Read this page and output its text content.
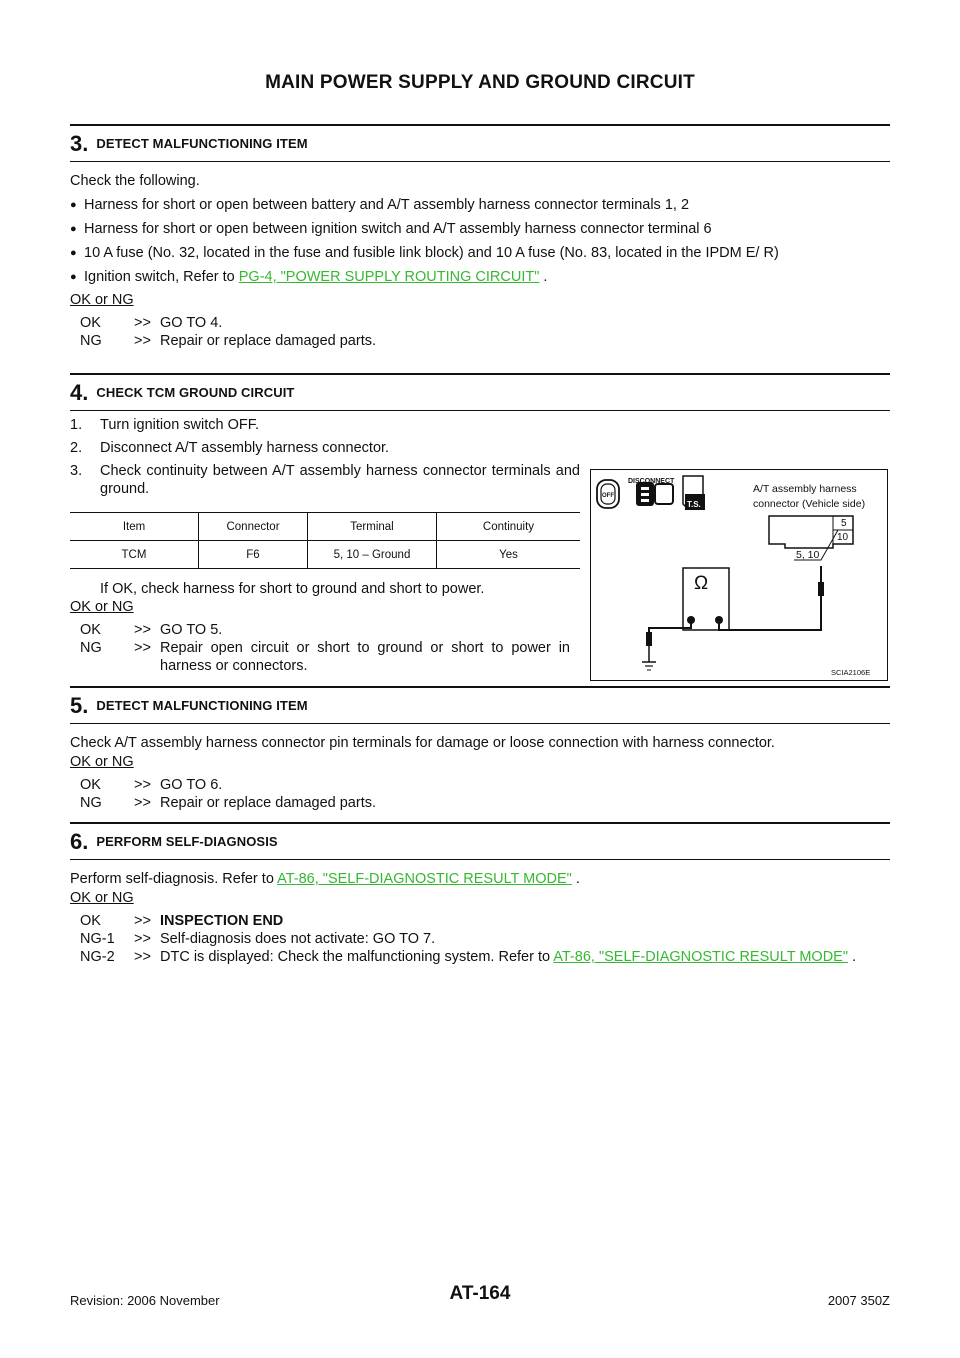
MAIN POWER SUPPLY AND GROUND CIRCUIT
3. DETECT MALFUNCTIONING ITEM
Check the following.
● Harness for short or open between battery and A/T assembly harness connector terminals 1, 2
● Harness for short or open between ignition switch and A/T assembly harness connector terminal 6
● 10 A fuse (No. 32, located in the fuse and fusible link block) and 10 A fuse (No. 83, located in the IPDM E/ R)
● Ignition switch, Refer to PG-4, "POWER SUPPLY ROUTING CIRCUIT" .
OK or NG
OK	>> GO TO 4.
NG	>> Repair or replace damaged parts.
4. CHECK TCM GROUND CIRCUIT
1.	Turn ignition switch OFF.
2.	Disconnect A/T assembly harness connector.
3.	Check continuity between A/T assembly harness connector terminals and ground.
Item	Connector	Terminal	Continuity
TCM	F6	5, 10 – Ground	Yes
If OK, check harness for short to ground and short to power.
OK or NG
OK	>> GO TO 5.
NG	>> Repair open circuit or short to ground or short to power in harness or connectors.
DISCONNECT
OFF
T.S.
A/T assembly harness
connector (Vehicle side)
5
10
5, 10
Ω
SCIA2106E
5. DETECT MALFUNCTIONING ITEM
Check A/T assembly harness connector pin terminals for damage or loose connection with harness connector.
OK or NG
OK	>> GO TO 6.
NG	>> Repair or replace damaged parts.
6. PERFORM SELF-DIAGNOSIS
Perform self-diagnosis. Refer to AT-86, "SELF-DIAGNOSTIC RESULT MODE" .
OK or NG
OK	>> INSPECTION END
NG-1	>> Self-diagnosis does not activate: GO TO 7.
NG-2	>> DTC is displayed: Check the malfunctioning system. Refer to AT-86, "SELF-DIAGNOSTIC RESULT MODE" .
Revision: 2006 November	AT-164	2007 350Z
